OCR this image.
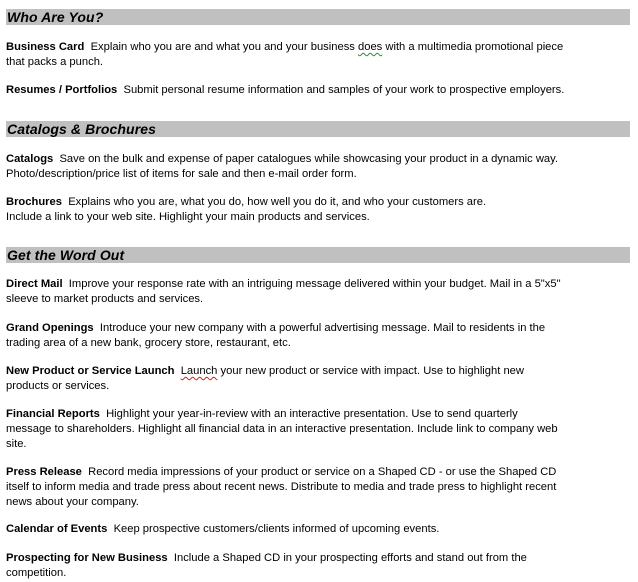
Who Are You?
Business Card Explain who you are and what you and your business does with a multimedia promotional piece
that packs a punch.
Resumes / Portfolios Submit personal resume information and samples of your work to prospective employers.
Catalogs & Brochures
Catalogs Save on the bulk and expense of paper catalogues while showcasing your product in a dynamic way.
Photo/description/price list of items for sale and then e-mail order form.
Brochures Explains who you are, what you do, how well you do it, and who your customers are.
Include a link to your web site. Highlight your main products and services.
Get the Word Out
Direct Mail Improve your response rate with an intriguing message delivered within your budget. Mail in a 5"x5"
sleeve to market products and services.
Grand Openings Introduce your new company with a powerful advertising message. Mail to residents in the
trading area of a new bank, grocery store, restaurant, etc.
New Product or Service Launch Launch your new product or service with impact. Use to highlight new
products or services.
Financial Reports Highlight your year-in-review with an interactive presentation. Use to send quarterly
message to shareholders. Highlight all financial data in an interactive presentation. Include link to company web
site.
Press Release Record media impressions of your product or service on a Shaped CD - or use the Shaped CD
itself to inform media and trade press about recent news. Distribute to media and trade press to highlight recent
news about your company.
Calendar of Events Keep prospective customers/clients informed of upcoming events.
Prospecting for New Business Include a Shaped CD in your prospecting efforts and stand out from the
competition.
